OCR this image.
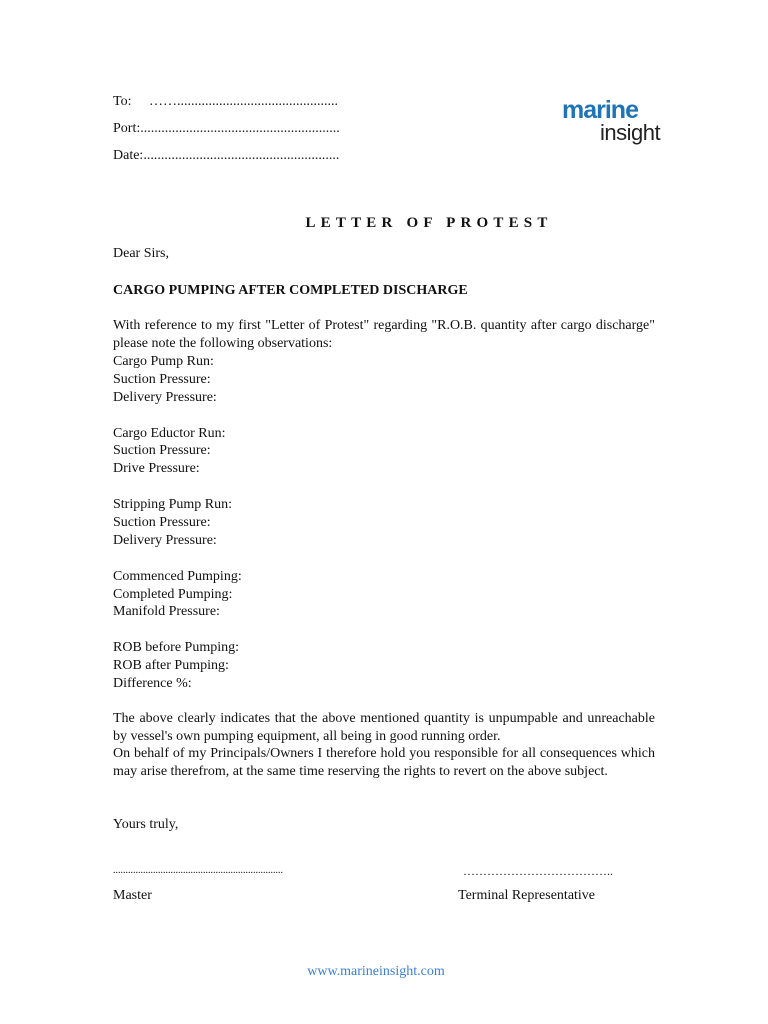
To: ……..............................................
Port:.........................................................
Date:........................................................
marine
insight
LETTER OF PROTEST
Dear Sirs,
CARGO PUMPING AFTER COMPLETED DISCHARGE
With reference to my first "Letter of Protest" regarding "R.O.B. quantity after cargo discharge" please note the following observations:
Cargo Pump Run:
Suction Pressure:
Delivery Pressure:
Cargo Eductor Run:
Suction Pressure:
Drive Pressure:
Stripping Pump Run:
Suction Pressure:
Delivery Pressure:
Commenced Pumping:
Completed Pumping:
Manifold Pressure:
ROB before Pumping:
ROB after Pumping:
Difference %:
The above clearly indicates that the above mentioned quantity is unpumpable and unreachable by vessel's own pumping equipment, all being in good running order.
On behalf of my Principals/Owners I therefore hold you responsible for all consequences which may arise therefrom, at the same time reserving the rights to revert on the above subject.
Yours truly,
....................................................................	………………………………..
Master	Terminal Representative
www.marineinsight.com
